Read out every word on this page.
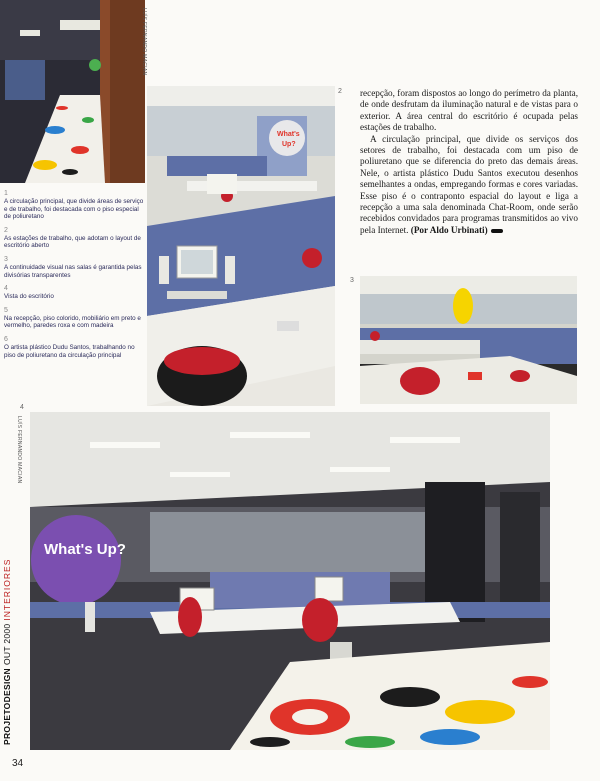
LUÍS FERNANDO MACIAN
What's
Up?
2 recepção, foram dispostos ao longo do perímetro da planta, de onde desfrutam da iluminação natural e de vistas para o exterior. A área central do escritório é ocupada pelas estações de trabalho.

A circulação principal, que divide os serviços dos setores de trabalho, foi destacada com um piso de poliuretano que se diferencia do preto das demais áreas. Nele, o artista plástico Dudu Santos executou desenhos semelhantes a ondas, empregando formas e cores variadas. Esse piso é o contraponto espacial do layout e liga a recepção a uma sala denominada Chat-Room, onde serão recebidos convidados para programas transmitidos ao vivo pela Internet. (Por Aldo Urbinati)

3
1
A circulação principal, que divide áreas de serviço e de trabalho, foi destacada com o piso especial de poliuretano
2
As estações de trabalho, que adotam o layout de escritório aberto
3
A continuidade visual nas salas é garantida pelas divisórias transparentes
4
Vista do escritório
5
Na recepção, piso colorido, mobiliário em preto e vermelho, paredes roxa e com madeira
6
O artista plástico Dudu Santos, trabalhando no piso de poliuretano da circulação principal
4
LUÍS FERNANDO MACIAN
What's Up?
PROJETODESIGNOUT 2000INTERIORES
34
